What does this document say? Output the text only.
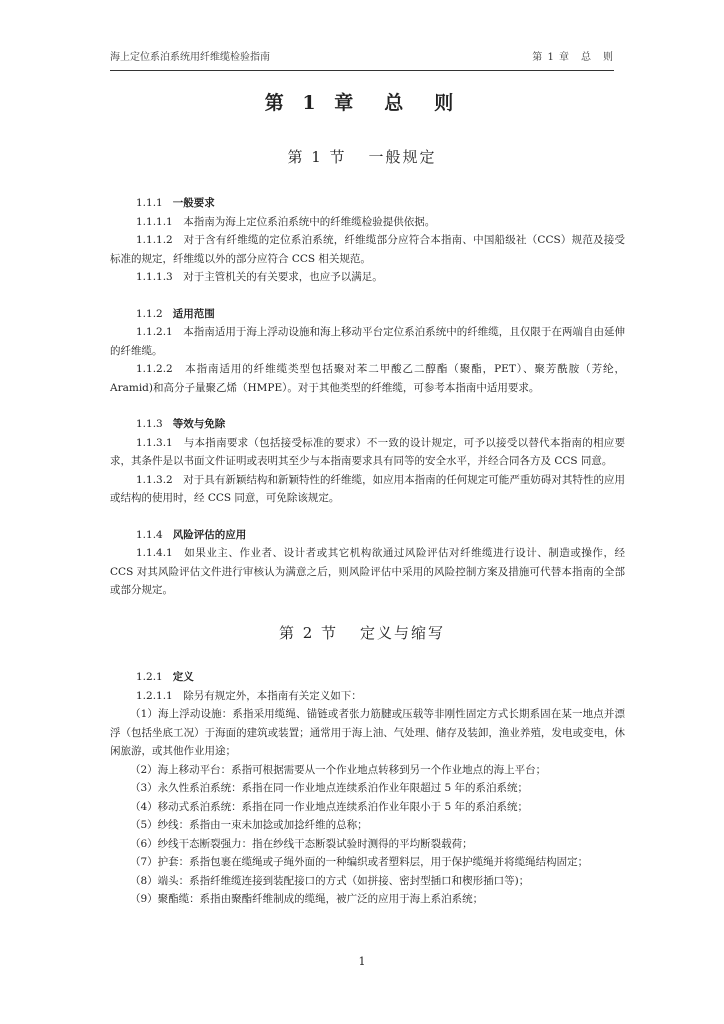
海上定位系泊系统用纤维缆检验指南	第 1 章　总　则
第 1 章　总　则
第 1 节 一般规定

1.1.1 一般要求

1.1.1.1　本指南为海上定位系泊系统中的纤维缆检验提供依据。

1.1.1.2　对于含有纤维缆的定位系泊系统，纤维缆部分应符合本指南、中国船级社（CCS）规范及接受标准的规定，纤维缆以外的部分应符合 CCS 相关规范。

1.1.1.3　对于主管机关的有关要求，也应予以满足。

1.1.2 适用范围

1.1.2.1　本指南适用于海上浮动设施和海上移动平台定位系泊系统中的纤维缆，且仅限于在两端自由延伸的纤维缆。

1.1.2.2　本指南适用的纤维缆类型包括聚对苯二甲酸乙二醇酯（聚酯，PET）、聚芳酰胺（芳纶，Aramid)和高分子量聚乙烯（HMPE）。对于其他类型的纤维缆，可参考本指南中适用要求。

1.1.3 等效与免除

1.1.3.1　与本指南要求（包括接受标准的要求）不一致的设计规定，可予以接受以替代本指南的相应要求，其条件是以书面文件证明或表明其至少与本指南要求具有同等的安全水平，并经合同各方及 CCS 同意。

1.1.3.2　对于具有新颖结构和新颖特性的纤维缆，如应用本指南的任何规定可能严重妨碍对其特性的应用或结构的使用时，经 CCS 同意，可免除该规定。

1.1.4 风险评估的应用

1.1.4.1　如果业主、作业者、设计者或其它机构欲通过风险评估对纤维缆进行设计、制造或操作，经 CCS 对其风险评估文件进行审核认为满意之后，则风险评估中采用的风险控制方案及措施可代替本指南的全部或部分规定。

第 2 节 定义与缩写

1.2.1 定义

1.2.1.1　除另有规定外，本指南有关定义如下：

（1）海上浮动设施：系指采用缆绳、锚链或者张力筋腱或压载等非刚性固定方式长期系固在某一地点并漂浮（包括坐底工况）于海面的建筑或装置；通常用于海上油、气处理、储存及装卸，渔业养殖，发电或变电，休闲旅游，或其他作业用途；

（2）海上移动平台：系指可根据需要从一个作业地点转移到另一个作业地点的海上平台；

（3）永久性系泊系统：系指在同一作业地点连续系泊作业年限超过 5 年的系泊系统；

（4）移动式系泊系统：系指在同一作业地点连续系泊作业年限小于 5 年的系泊系统；

（5）纱线：系指由一束未加捻或加捻纤维的总称；

（6）纱线干态断裂强力：指在纱线干态断裂试验时测得的平均断裂载荷；

（7）护套：系指包裹在缆绳或子绳外面的一种编织或者塑料层，用于保护缆绳并将缆绳结构固定；

（8）端头：系指纤维缆连接到装配接口的方式（如拼接、密封型插口和楔形插口等)；

（9）聚酯缆：系指由聚酯纤维制成的缆绳，被广泛的应用于海上系泊系统；

1
